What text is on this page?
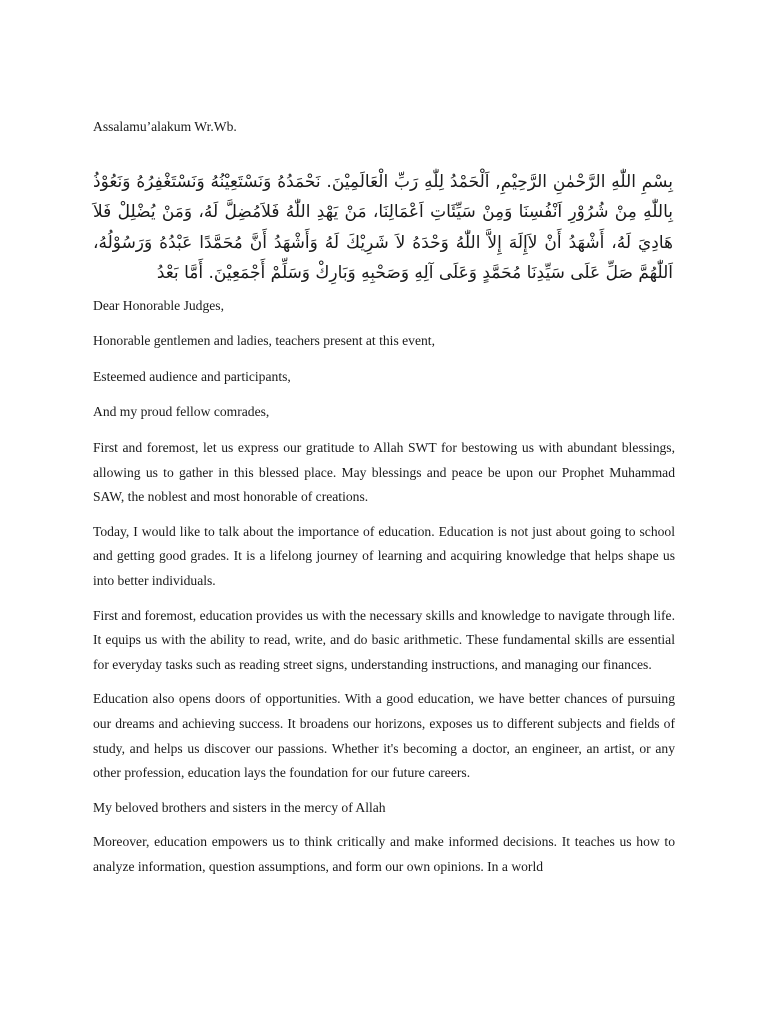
Assalamu’alakum Wr.Wb.

بِسْمِ اللّٰهِ الرَّحْمٰنِ الرَّحِيْمِ, اَلْحَمْدُ لِلّٰهِ رَبِّ الْعَالَمِيْنَ. نَحْمَدُهُ وَنَسْتَعِيْنُهُ وَنَسْتَغْفِرُهُ وَنَعُوْذُ بِاللّٰهِ مِنْ شُرُوْرِ اَنْفُسِنَا وَمِنْ سَيِّئَاتِ اَعْمَالِنَا، مَنْ يَهْدِ اللّٰهُ فَلاَمُضِلَّ لَهُ، وَمَنْ يُضْلِلْ فَلاَ هَادِيَ لَهُ، أَشْهَدُ أَنْ لاَإِلَهَ إِلاَّ اللّٰهُ وَحْدَهُ لاَ شَرِيْكَ لَهُ وَأَشْهَدُ أَنَّ مُحَمَّدًا عَبْدُهُ وَرَسُوْلُهُ، اَللّٰهُمَّ صَلِّ عَلَى سَيِّدِنَا مُحَمَّدٍ وَعَلَى آلِهِ وَصَحْبِهِ وَبَارِكْ وَسَلِّمْ أَجْمَعِيْنَ. أَمَّا بَعْدُ

Dear Honorable Judges,

Honorable gentlemen and ladies, teachers present at this event,

Esteemed audience and participants,

And my proud fellow comrades,

First and foremost, let us express our gratitude to Allah SWT for bestowing us with abundant blessings, allowing us to gather in this blessed place. May blessings and peace be upon our Prophet Muhammad SAW, the noblest and most honorable of creations.

Today, I would like to talk about the importance of education. Education is not just about going to school and getting good grades. It is a lifelong journey of learning and acquiring knowledge that helps shape us into better individuals.

First and foremost, education provides us with the necessary skills and knowledge to navigate through life. It equips us with the ability to read, write, and do basic arithmetic. These fundamental skills are essential for everyday tasks such as reading street signs, understanding instructions, and managing our finances.

Education also opens doors of opportunities. With a good education, we have better chances of pursuing our dreams and achieving success. It broadens our horizons, exposes us to different subjects and fields of study, and helps us discover our passions. Whether it's becoming a doctor, an engineer, an artist, or any other profession, education lays the foundation for our future careers.

My beloved brothers and sisters in the mercy of Allah

Moreover, education empowers us to think critically and make informed decisions. It teaches us how to analyze information, question assumptions, and form our own opinions. In a world
